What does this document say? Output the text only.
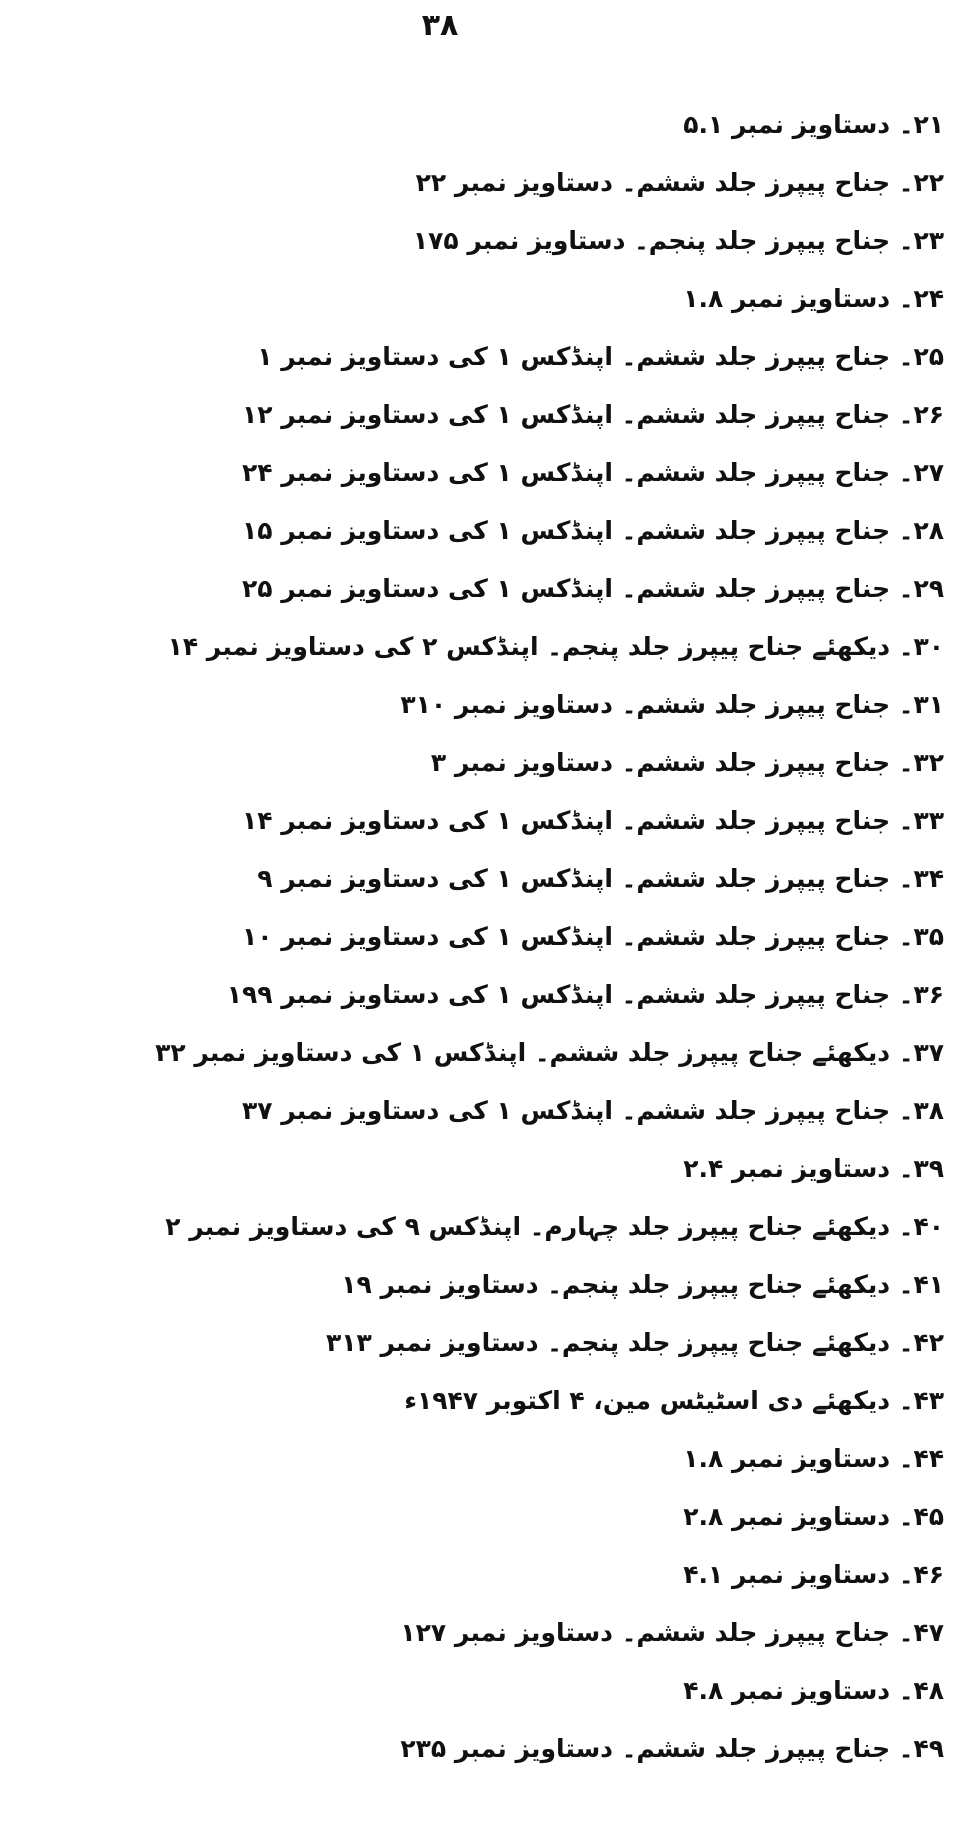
۳۸
۲۱۔ دستاویز نمبر ۵.۱
۲۲۔ جناح پیپرز جلد ششم۔ دستاویز نمبر ۲۲
۲۳۔ جناح پیپرز جلد پنجم۔ دستاویز نمبر ۱۷۵
۲۴۔ دستاویز نمبر ۱.۸
۲۵۔ جناح پیپرز جلد ششم۔ اپنڈکس ۱ کی دستاویز نمبر ۱
۲۶۔ جناح پیپرز جلد ششم۔ اپنڈکس ۱ کی دستاویز نمبر ۱۲
۲۷۔ جناح پیپرز جلد ششم۔ اپنڈکس ۱ کی دستاویز نمبر ۲۴
۲۸۔ جناح پیپرز جلد ششم۔ اپنڈکس ۱ کی دستاویز نمبر ۱۵
۲۹۔ جناح پیپرز جلد ششم۔ اپنڈکس ۱ کی دستاویز نمبر ۲۵
۳۰۔ دیکھئے جناح پیپرز جلد پنجم۔ اپنڈکس ۲ کی دستاویز نمبر ۱۴
۳۱۔ جناح پیپرز جلد ششم۔ دستاویز نمبر ۳۱۰
۳۲۔ جناح پیپرز جلد ششم۔ دستاویز نمبر ۳
۳۳۔ جناح پیپرز جلد ششم۔ اپنڈکس ۱ کی دستاویز نمبر ۱۴
۳۴۔ جناح پیپرز جلد ششم۔ اپنڈکس ۱ کی دستاویز نمبر ۹
۳۵۔ جناح پیپرز جلد ششم۔ اپنڈکس ۱ کی دستاویز نمبر ۱۰
۳۶۔ جناح پیپرز جلد ششم۔ اپنڈکس ۱ کی دستاویز نمبر ۱۹۹
۳۷۔ دیکھئے جناح پیپرز جلد ششم۔ اپنڈکس ۱ کی دستاویز نمبر ۳۲
۳۸۔ جناح پیپرز جلد ششم۔ اپنڈکس ۱ کی دستاویز نمبر ۳۷
۳۹۔ دستاویز نمبر ۲.۴
۴۰۔ دیکھئے جناح پیپرز جلد چہارم۔ اپنڈکس ۹ کی دستاویز نمبر ۲
۴۱۔ دیکھئے جناح پیپرز جلد پنجم۔ دستاویز نمبر ۱۹
۴۲۔ دیکھئے جناح پیپرز جلد پنجم۔ دستاویز نمبر ۳۱۳
۴۳۔ دیکھئے دی اسٹیٹس مین، ۴ اکتوبر ۱۹۴۷ء
۴۴۔ دستاویز نمبر ۱.۸
۴۵۔ دستاویز نمبر ۲.۸
۴۶۔ دستاویز نمبر ۴.۱
۴۷۔ جناح پیپرز جلد ششم۔ دستاویز نمبر ۱۲۷
۴۸۔ دستاویز نمبر ۴.۸
۴۹۔ جناح پیپرز جلد ششم۔ دستاویز نمبر ۲۳۵
